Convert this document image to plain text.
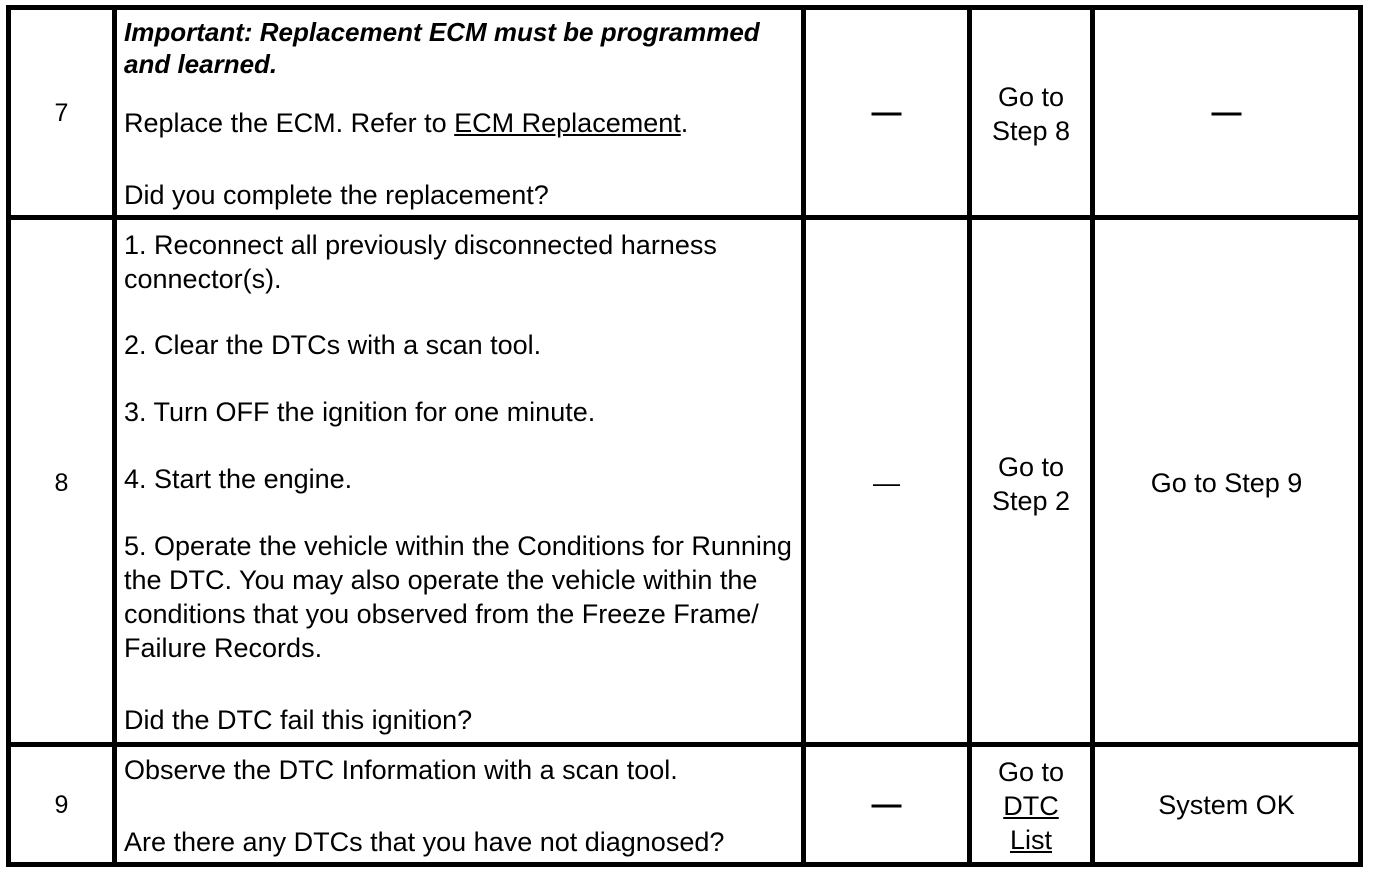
7

Important: Replacement ECM must be programmed and learned.

Replace the ECM. Refer to ECM Replacement.

Did you complete the replacement?

—	Go to
Step 8
—
8

1. Reconnect all previously disconnected harness connector(s).

2. Clear the DTCs with a scan tool.

3. Turn OFF the ignition for one minute.

4. Start the engine.

5. Operate the vehicle within the Conditions for Running the DTC. You may also operate the vehicle within the conditions that you observed from the Freeze Frame/ Failure Records.

Did the DTC fail this ignition?

—
Go to
Step 2
Go to Step 9
9

Observe the DTC Information with a scan tool.

Are there any DTCs that you have not diagnosed?

—
Go to
DTC
List
System OK
